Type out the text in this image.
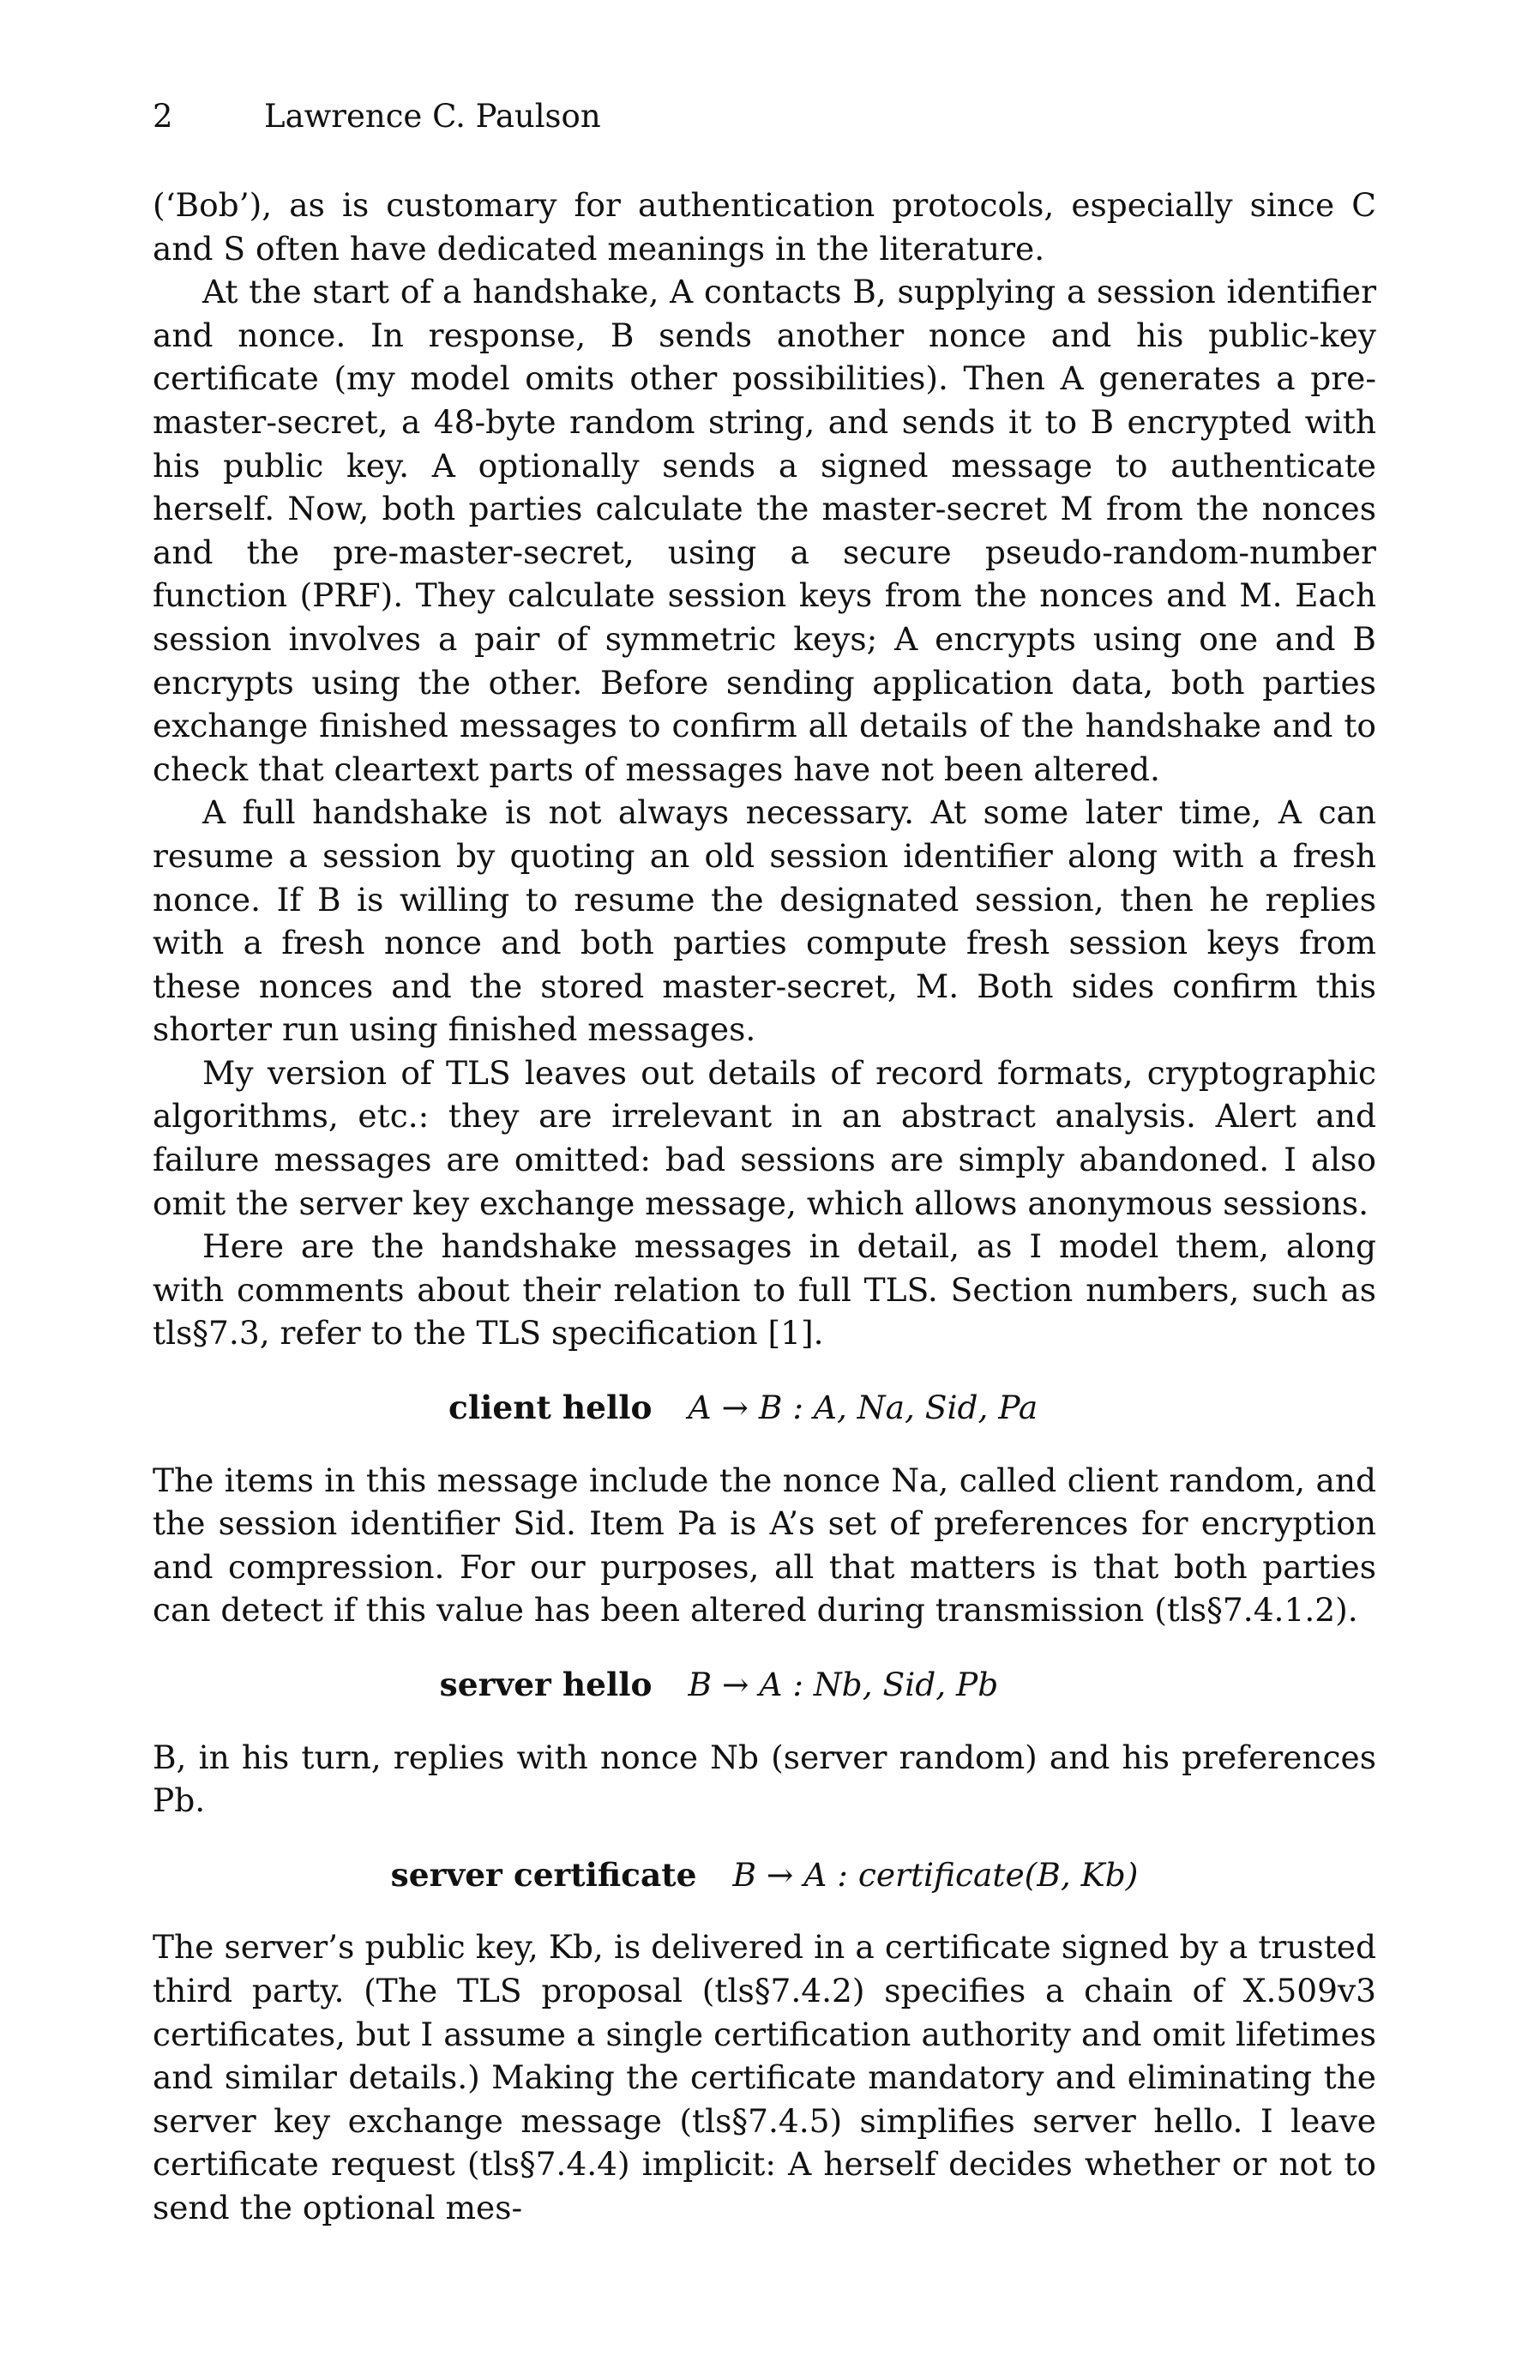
2	Lawrence C. Paulson

(‘Bob’), as is customary for authentication protocols, especially since C and S often have dedicated meanings in the literature.

At the start of a handshake, A contacts B, supplying a session identifier and nonce. In response, B sends another nonce and his public-key certificate (my model omits other possibilities). Then A generates a pre-master-secret, a 48-byte random string, and sends it to B encrypted with his public key. A optionally sends a signed message to authenticate herself. Now, both parties calculate the master-secret M from the nonces and the pre-master-secret, using a secure pseudo-random-number function (PRF). They calculate session keys from the nonces and M. Each session involves a pair of symmetric keys; A encrypts using one and B encrypts using the other. Before sending application data, both parties exchange finished messages to confirm all details of the handshake and to check that cleartext parts of messages have not been altered.

A full handshake is not always necessary. At some later time, A can resume a session by quoting an old session identifier along with a fresh nonce. If B is willing to resume the designated session, then he replies with a fresh nonce and both parties compute fresh session keys from these nonces and the stored master-secret, M. Both sides confirm this shorter run using finished messages.

My version of TLS leaves out details of record formats, cryptographic algorithms, etc.: they are irrelevant in an abstract analysis. Alert and failure messages are omitted: bad sessions are simply abandoned. I also omit the server key exchange message, which allows anonymous sessions.

Here are the handshake messages in detail, as I model them, along with comments about their relation to full TLS. Section numbers, such as tls§7.3, refer to the TLS specification [1].

client hello A → B : A, Na, Sid, Pa

The items in this message include the nonce Na, called client random, and the session identifier Sid. Item Pa is A’s set of preferences for encryption and compression. For our purposes, all that matters is that both parties can detect if this value has been altered during transmission (tls§7.4.1.2).

server hello B → A : Nb, Sid, Pb

B, in his turn, replies with nonce Nb (server random) and his preferences Pb.

server certificate B → A : certificate(B, Kb)

The server’s public key, Kb, is delivered in a certificate signed by a trusted third party. (The TLS proposal (tls§7.4.2) specifies a chain of X.509v3 certificates, but I assume a single certification authority and omit lifetimes and similar details.) Making the certificate mandatory and eliminating the server key exchange message (tls§7.4.5) simplifies server hello. I leave certificate request (tls§7.4.4) implicit: A herself decides whether or not to send the optional mes-
